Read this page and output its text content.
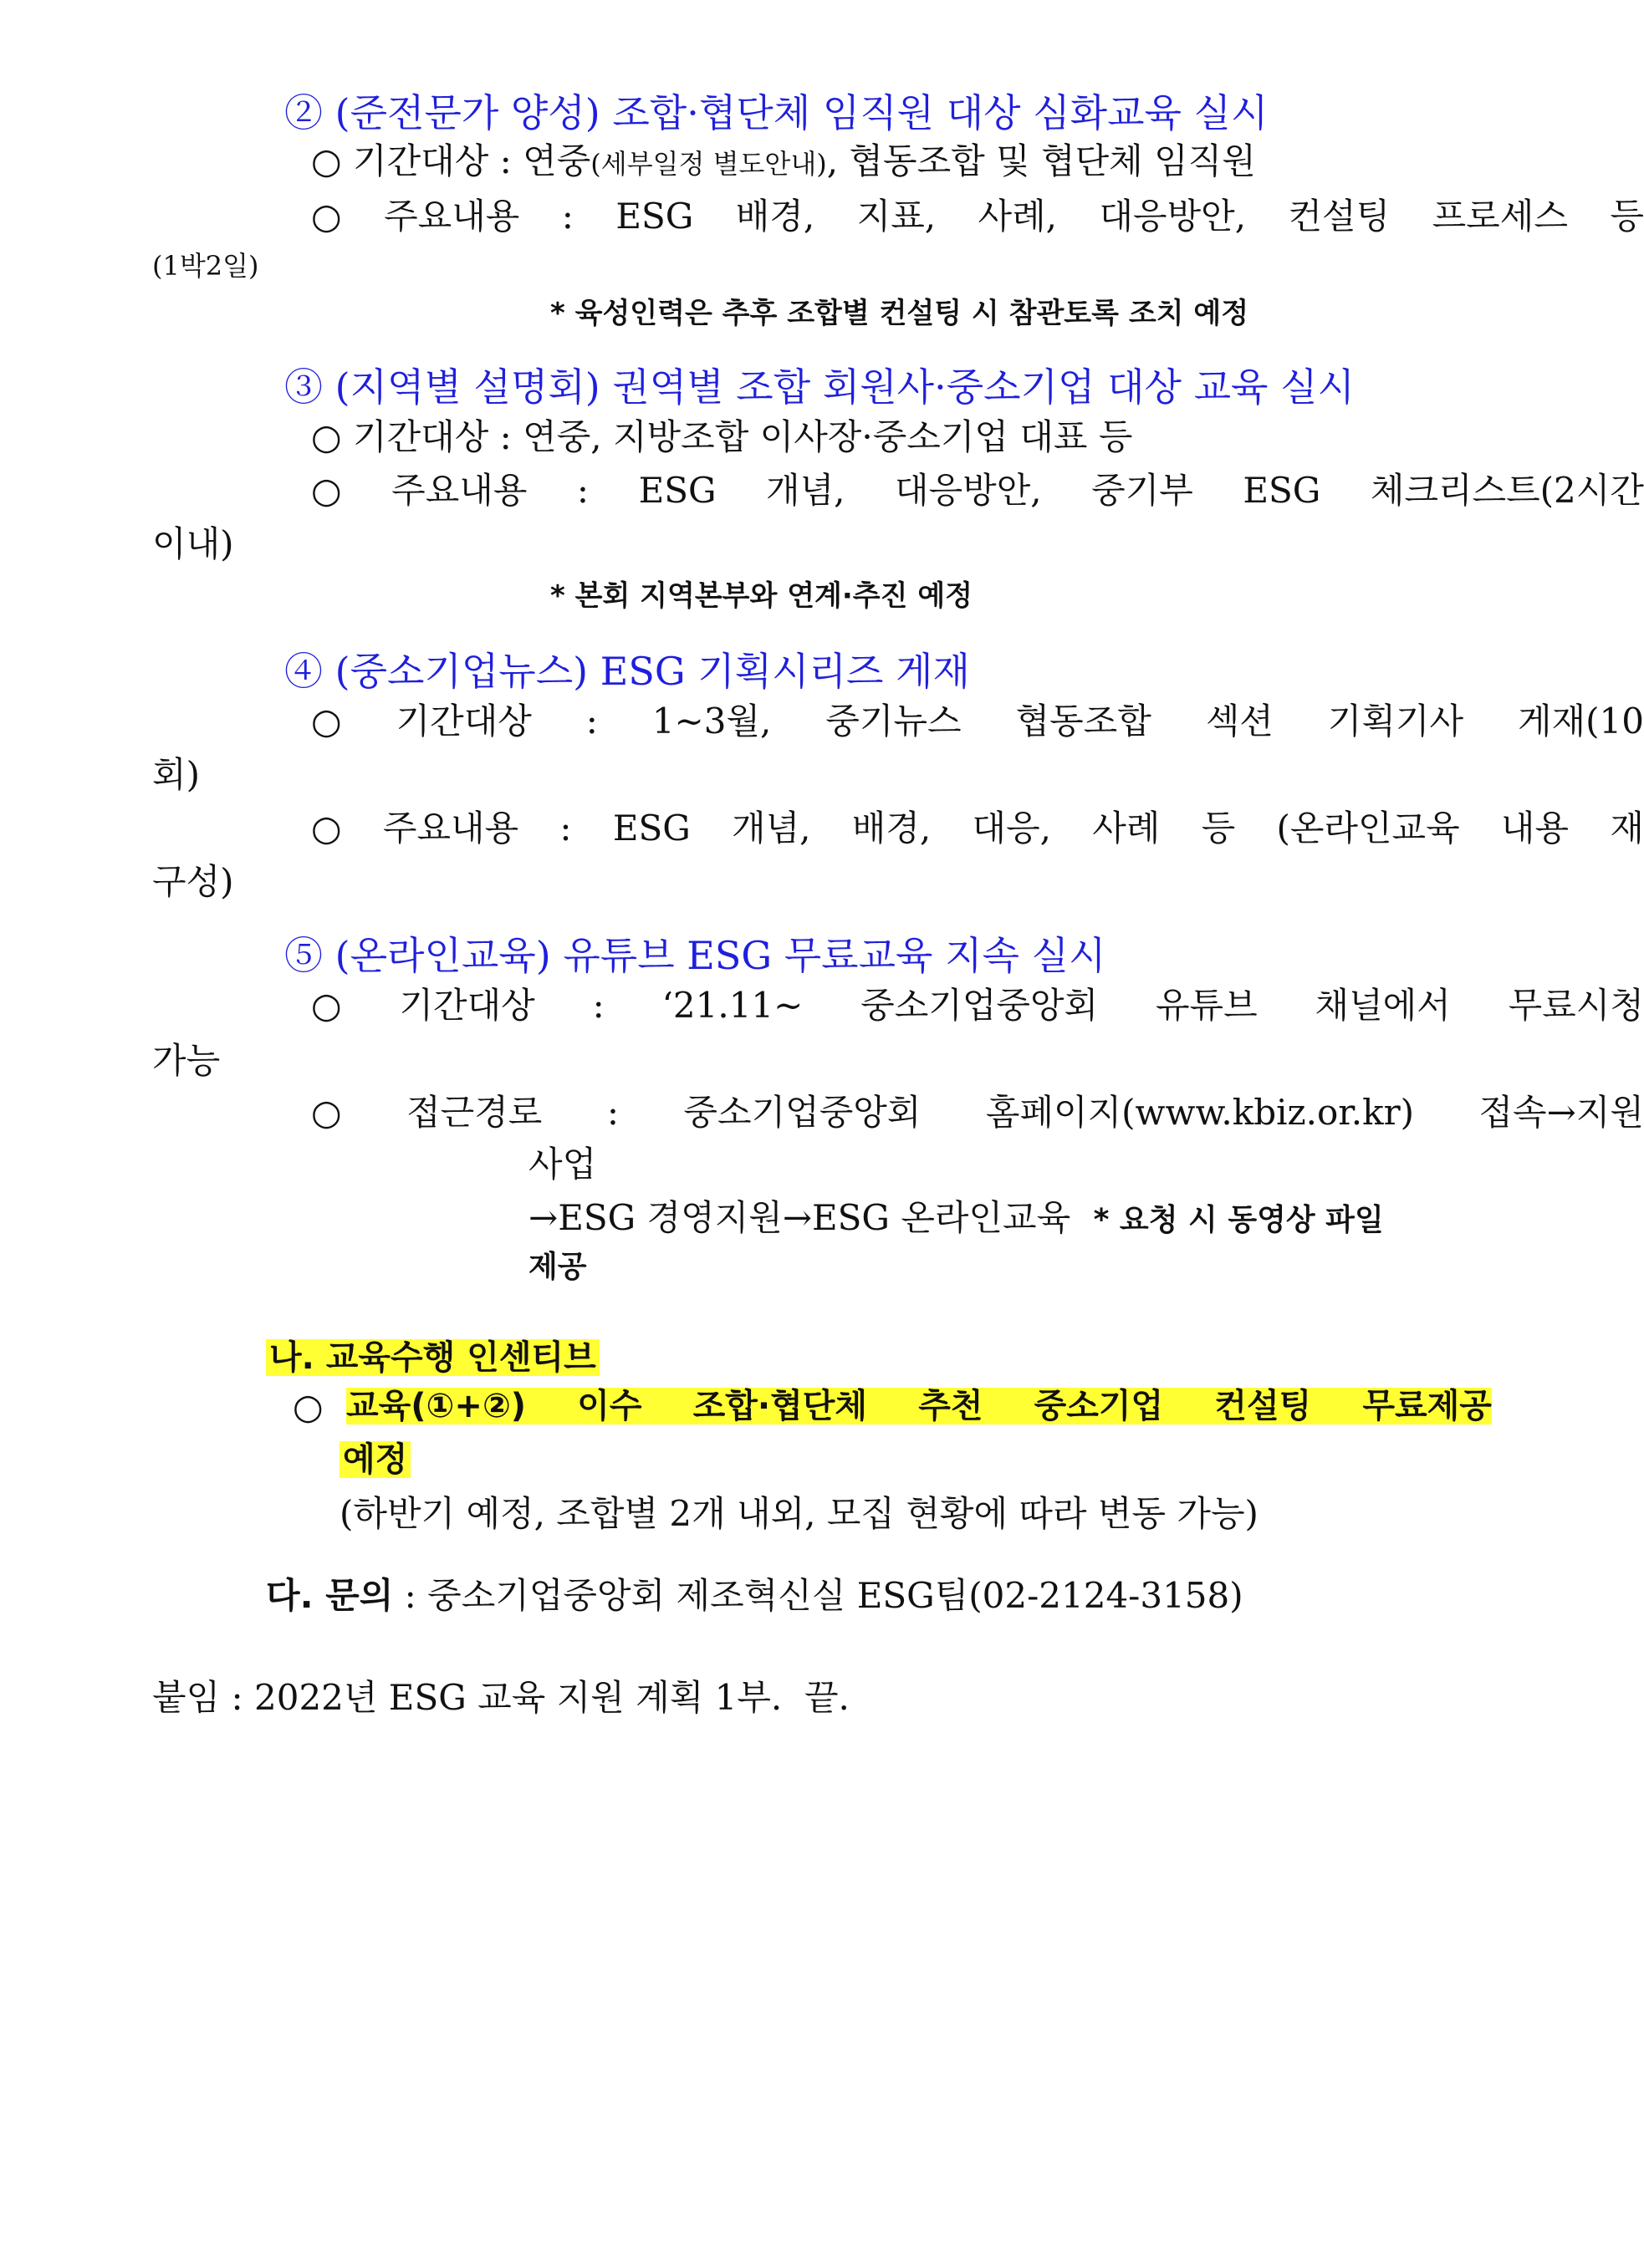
② (준전문가 양성) 조합·협단체 임직원 대상 심화교육 실시
○ 기간대상 : 연중(세부일정 별도안내), 협동조합 및 협단체 임직원
○ 주요내용 : ESG 배경, 지표, 사례, 대응방안, 컨설팅 프로세스 등
(1박2일)
* 육성인력은 추후 조합별 컨설팅 시 참관토록 조치 예정
③ (지역별 설명회) 권역별 조합 회원사·중소기업 대상 교육 실시
○ 기간대상 : 연중, 지방조합 이사장·중소기업 대표 등
○ 주요내용 : ESG 개념, 대응방안, 중기부 ESG 체크리스트(2시간
이내)
* 본회 지역본부와 연계·추진 예정
④ (중소기업뉴스) ESG 기획시리즈 게재
○ 기간대상 : 1~3월, 중기뉴스 협동조합 섹션 기획기사 게재(10
회)
○ 주요내용 : ESG 개념, 배경, 대응, 사례 등 (온라인교육 내용 재
구성)
⑤ (온라인교육) 유튜브 ESG 무료교육 지속 실시
○ 기간대상 : ‘21.11~ 중소기업중앙회 유튜브 채널에서 무료시청
가능
○ 접근경로 : 중소기업중앙회 홈페이지(www.kbiz.or.kr) 접속→지원
사업
→ESG 경영지원→ESG 온라인교육 * 요청 시 동영상 파일
제공
나. 교육수행 인센티브
○ 교육(①+②) 이수 조합·협단체 추천 중소기업 컨설팅 무료제공
예정
(하반기 예정, 조합별 2개 내외, 모집 현황에 따라 변동 가능)
다. 문의 : 중소기업중앙회 제조혁신실 ESG팀(02-2124-3158)
붙임 : 2022년 ESG 교육 지원 계획 1부.  끝.
